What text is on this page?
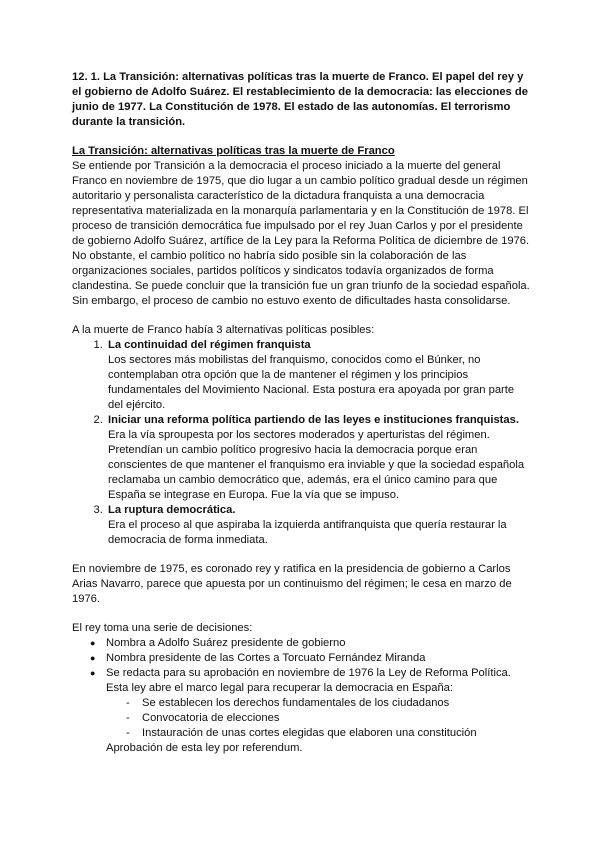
12. 1. La Transición: alternativas políticas tras la muerte de Franco. El papel del rey y el gobierno de Adolfo Suárez. El restablecimiento de la democracia: las elecciones de junio de 1977. La Constitución de 1978. El estado de las autonomías. El terrorismo durante la transición.

La Transición: alternativas políticas tras la muerte de Franco

Se entiende por Transición a la democracia el proceso iniciado a la muerte del general Franco en noviembre de 1975, que dio lugar a un cambio político gradual desde un régimen autoritario y personalista característico de la dictadura franquista a una democracia representativa materializada en la monarquía parlamentaria y en la Constitución de 1978. El proceso de transición democrática fue impulsado por el rey Juan Carlos y por el presidente de gobierno Adolfo Suárez, artífice de la Ley para la Reforma Política de diciembre de 1976. No obstante, el cambio político no habría sido posible sin la colaboración de las organizaciones sociales, partidos políticos y sindicatos todavía organizados de forma clandestina. Se puede concluir que la transición fue un gran triunfo de la sociedad española. Sin embargo, el proceso de cambio no estuvo exento de dificultades hasta consolidarse.

A la muerte de Franco había 3 alternativas políticas posibles:

1. La continuidad del régimen franquista
Los sectores más mobilistas del franquismo, conocidos como el Búnker, no contemplaban otra opción que la de mantener el régimen y los principios fundamentales del Movimiento Nacional. Esta postura era apoyada por gran parte del ejército.
2. Iniciar una reforma política partiendo de las leyes e instituciones franquistas.
Era la vía sproupesta por los sectores moderados y aperturistas del régimen. Pretendían un cambio político progresivo hacia la democracia porque eran conscientes de que mantener el franquismo era inviable y que la sociedad española reclamaba un cambio democrático que, además, era el único camino para que España se integrase en Europa. Fue la vía que se impuso.
3. La ruptura democrática.
Era el proceso al que aspiraba la izquierda antifranquista que quería restaurar la democracia de forma inmediata.

En noviembre de 1975, es coronado rey y ratifica en la presidencia de gobierno a Carlos Arias Navarro, parece que apuesta por un continuismo del régimen; le cesa en marzo de 1976.

El rey toma una serie de decisiones:

● Nombra a Adolfo Suárez presidente de gobierno
● Nombra presidente de las Cortes a Torcuato Fernández Miranda
● Se redacta para su aprobación en noviembre de 1976 la Ley de Reforma Política.
Esta ley abre el marco legal para recuperar la democracia en España:
- Se establecen los derechos fundamentales de los ciudadanos
- Convocatoria de elecciones
- Instauración de unas cortes elegidas que elaboren una constitución
Aprobación de esta ley por referendum.
